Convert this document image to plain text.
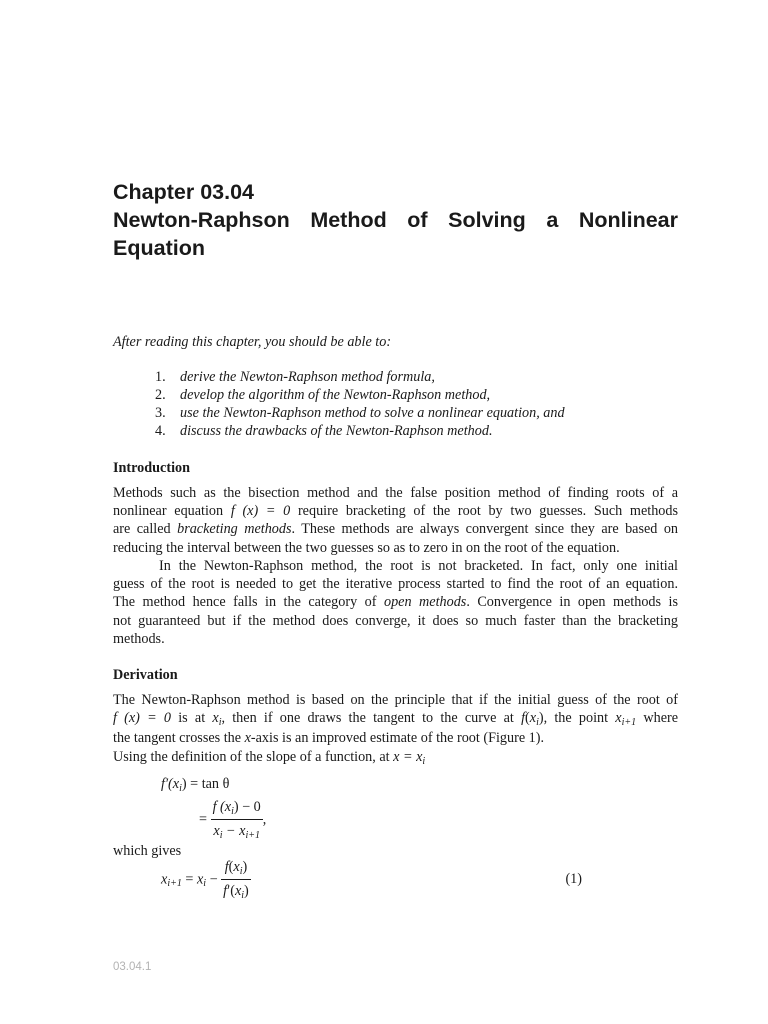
Chapter 03.04
Newton-Raphson Method of Solving a Nonlinear
Equation
After reading this chapter, you should be able to:
1. derive the Newton-Raphson method formula,
2. develop the algorithm of the Newton-Raphson method,
3. use the Newton-Raphson method to solve a nonlinear equation, and
4. discuss the drawbacks of the Newton-Raphson method.
Introduction
Methods such as the bisection method and the false position method of finding roots of a
nonlinear equation f (x) = 0 require bracketing of the root by two guesses. Such methods
are called bracketing methods. These methods are always convergent since they are based on
reducing the interval between the two guesses so as to zero in on the root of the equation.
In the Newton-Raphson method, the root is not bracketed. In fact, only one initial
guess of the root is needed to get the iterative process started to find the root of an equation.
The method hence falls in the category of open methods. Convergence in open methods is
not guaranteed but if the method does converge, it does so much faster than the bracketing
methods.
Derivation
The Newton-Raphson method is based on the principle that if the initial guess of the root of
f (x) = 0 is at $x_i$, then if one draws the tangent to the curve at $f(x_i)$, the point $x_{i+1}$ where
the tangent crosses the x-axis is an improved estimate of the root (Figure 1).
Using the definition of the slope of a function, at $x = x_i$
$f'(x_i) = \tan \theta$
= $\frac{f (x_i) - 0}{x_i - x_{i+1}}$ ,
which gives
$x_{i+1} = x_i - \frac{f(x_i)}{f'(x_i)}$	(1)
03.04.1
